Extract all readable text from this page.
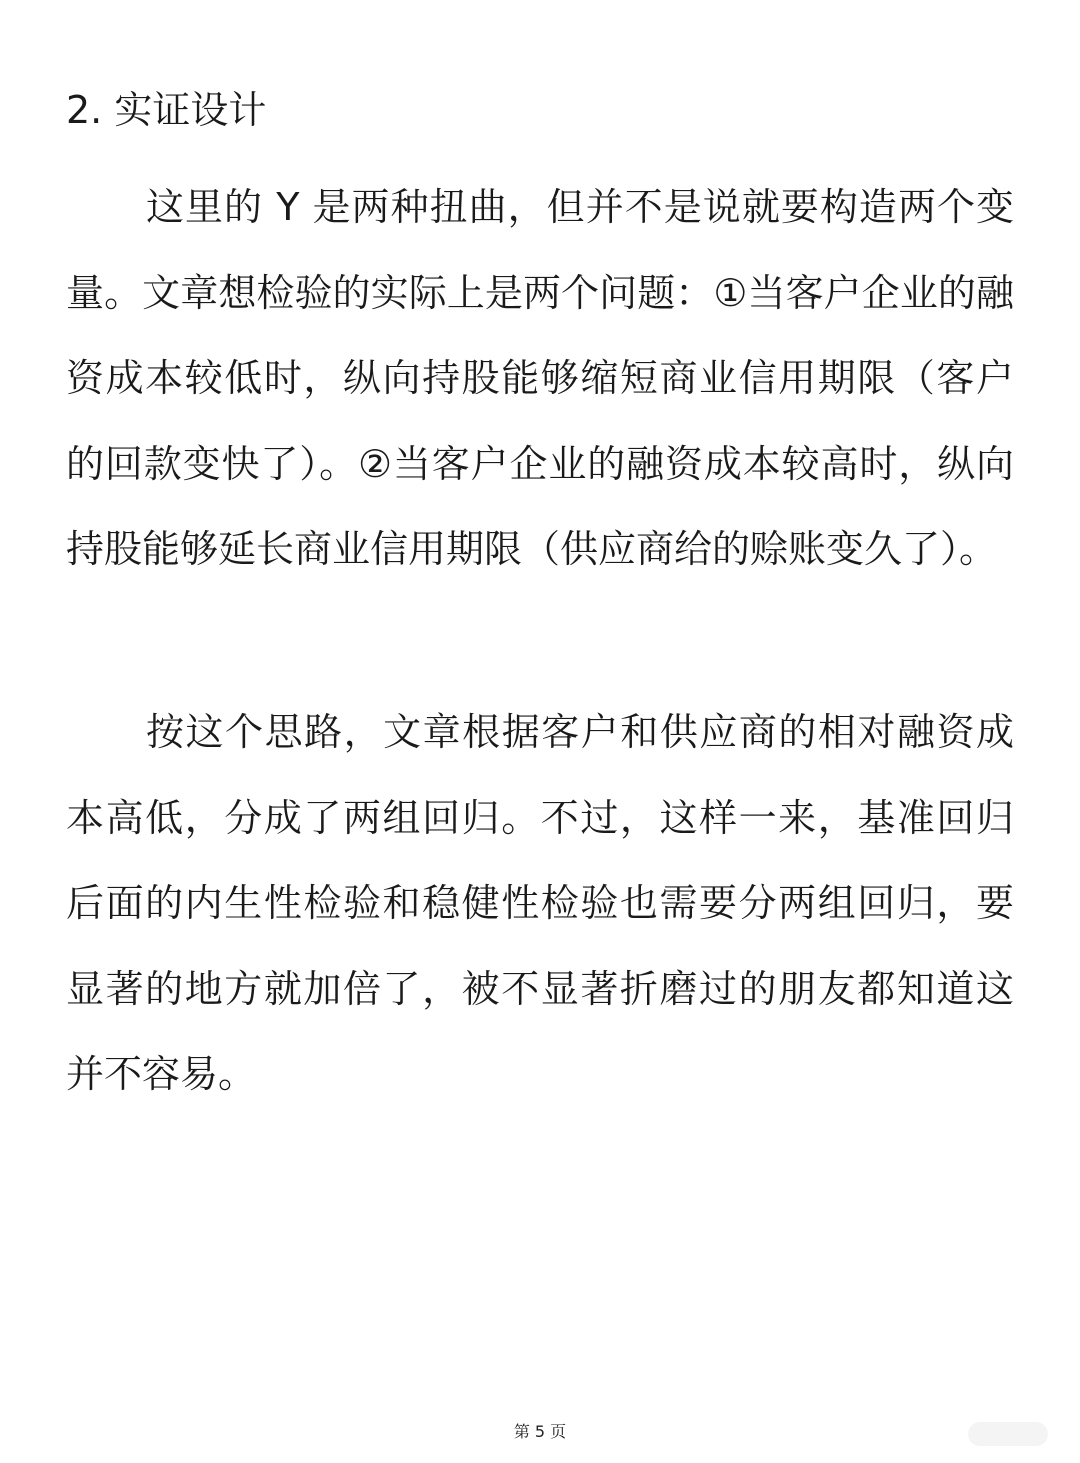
2. 实证设计

这里的 Y 是两种扭曲，但并不是说就要构造两个变量。文章想检验的实际上是两个问题：①当客户企业的融资成本较低时，纵向持股能够缩短商业信用期限（客户的回款变快了）。②当客户企业的融资成本较高时，纵向持股能够延长商业信用期限（供应商给的赊账变久了）。

按这个思路，文章根据客户和供应商的相对融资成本高低，分成了两组回归。不过，这样一来，基准回归后面的内生性检验和稳健性检验也需要分两组回归，要显著的地方就加倍了，被不显著折磨过的朋友都知道这并不容易。

第 5 页
